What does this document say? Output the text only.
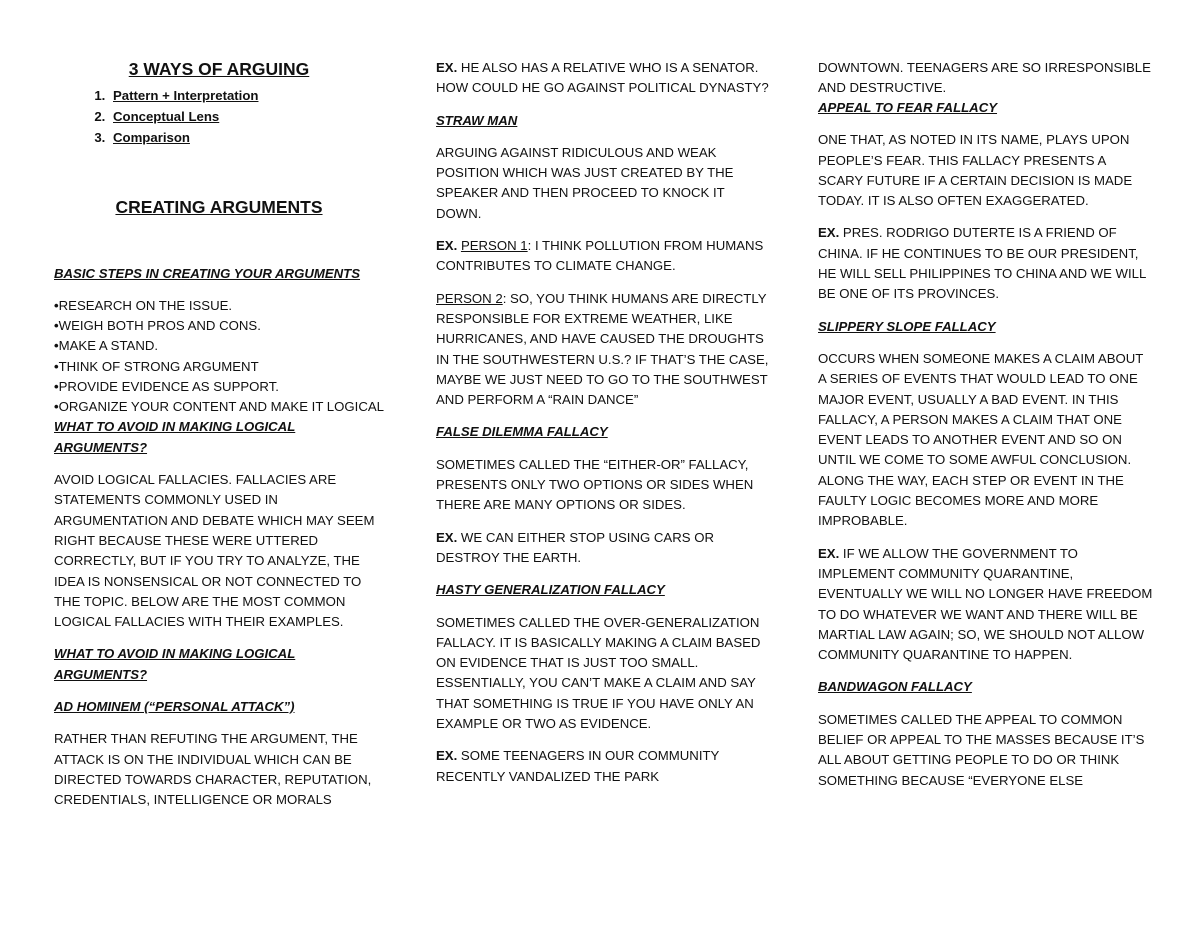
3 WAYS OF ARGUING
1. Pattern + Interpretation
2. Conceptual Lens
3. Comparison
CREATING ARGUMENTS
BASIC STEPS IN CREATING YOUR ARGUMENTS
• RESEARCH ON THE ISSUE.
• WEIGH BOTH PROS AND CONS.
• MAKE A STAND.
• THINK OF STRONG ARGUMENT
• PROVIDE EVIDENCE AS SUPPORT.
• ORGANIZE YOUR CONTENT AND MAKE IT LOGICAL
WHAT TO AVOID IN MAKING LOGICAL ARGUMENTS?

AVOID LOGICAL FALLACIES. FALLACIES ARE STATEMENTS COMMONLY USED IN ARGUMENTATION AND DEBATE WHICH MAY SEEM RIGHT BECAUSE THESE WERE UTTERED CORRECTLY, BUT IF YOU TRY TO ANALYZE, THE IDEA IS NONSENSICAL OR NOT CONNECTED TO THE TOPIC. BELOW ARE THE MOST COMMON LOGICAL FALLACIES WITH THEIR EXAMPLES.

WHAT TO AVOID IN MAKING LOGICAL ARGUMENTS?
AD HOMINEM (“PERSONAL ATTACK”)

RATHER THAN REFUTING THE ARGUMENT, THE ATTACK IS ON THE INDIVIDUAL WHICH CAN BE DIRECTED TOWARDS CHARACTER, REPUTATION, CREDENTIALS, INTELLIGENCE OR MORALS

EX. HE ALSO HAS A RELATIVE WHO IS A SENATOR. HOW COULD HE GO AGAINST POLITICAL DYNASTY?

STRAW MAN

ARGUING AGAINST RIDICULOUS AND WEAK POSITION WHICH WAS JUST CREATED BY THE SPEAKER AND THEN PROCEED TO KNOCK IT DOWN.

EX. PERSON 1: I THINK POLLUTION FROM HUMANS CONTRIBUTES TO CLIMATE CHANGE.

PERSON 2: SO, YOU THINK HUMANS ARE DIRECTLY RESPONSIBLE FOR EXTREME WEATHER, LIKE HURRICANES, AND HAVE CAUSED THE DROUGHTS IN THE SOUTHWESTERN U.S.? IF THAT’S THE CASE, MAYBE WE JUST NEED TO GO TO THE SOUTHWEST AND PERFORM A “RAIN DANCE”

FALSE DILEMMA FALLACY

SOMETIMES CALLED THE “EITHER-OR” FALLACY, PRESENTS ONLY TWO OPTIONS OR SIDES WHEN THERE ARE MANY OPTIONS OR SIDES.

EX. WE CAN EITHER STOP USING CARS OR DESTROY THE EARTH.

HASTY GENERALIZATION FALLACY

SOMETIMES CALLED THE OVER-GENERALIZATION FALLACY. IT IS BASICALLY MAKING A CLAIM BASED ON EVIDENCE THAT IS JUST TOO SMALL. ESSENTIALLY, YOU CAN’T MAKE A CLAIM AND SAY THAT SOMETHING IS TRUE IF YOU HAVE ONLY AN EXAMPLE OR TWO AS EVIDENCE.

EX. SOME TEENAGERS IN OUR COMMUNITY RECENTLY VANDALIZED THE PARK

APPEAL TO FEAR FALLACY

ONE THAT, AS NOTED IN ITS NAME, PLAYS UPON PEOPLE’S FEAR. THIS FALLACY PRESENTS A SCARY FUTURE IF A CERTAIN DECISION IS MADE TODAY. IT IS ALSO OFTEN EXAGGERATED.

EX. PRES. RODRIGO DUTERTE IS A FRIEND OF CHINA. IF HE CONTINUES TO BE OUR PRESIDENT, HE WILL SELL PHILIPPINES TO CHINA AND WE WILL BE ONE OF ITS PROVINCES.

SLIPPERY SLOPE FALLACY

OCCURS WHEN SOMEONE MAKES A CLAIM ABOUT A SERIES OF EVENTS THAT WOULD LEAD TO ONE MAJOR EVENT, USUALLY A BAD EVENT. IN THIS FALLACY, A PERSON MAKES A CLAIM THAT ONE EVENT LEADS TO ANOTHER EVENT AND SO ON UNTIL WE COME TO SOME AWFUL CONCLUSION. ALONG THE WAY, EACH STEP OR EVENT IN THE FAULTY LOGIC BECOMES MORE AND MORE IMPROBABLE.

EX. IF WE ALLOW THE GOVERNMENT TO IMPLEMENT COMMUNITY QUARANTINE, EVENTUALLY WE WILL NO LONGER HAVE FREEDOM TO DO WHATEVER WE WANT AND THERE WILL BE MARTIAL LAW AGAIN; SO, WE SHOULD NOT ALLOW COMMUNITY QUARANTINE TO HAPPEN.

BANDWAGON FALLACY

SOMETIMES CALLED THE APPEAL TO COMMON BELIEF OR APPEAL TO THE MASSES BECAUSE IT’S ALL ABOUT GETTING PEOPLE TO DO OR THINK SOMETHING BECAUSE “EVERYONE ELSE

DOWNTOWN. TEENAGERS ARE SO IRRESPONSIBLE AND DESTRUCTIVE.
